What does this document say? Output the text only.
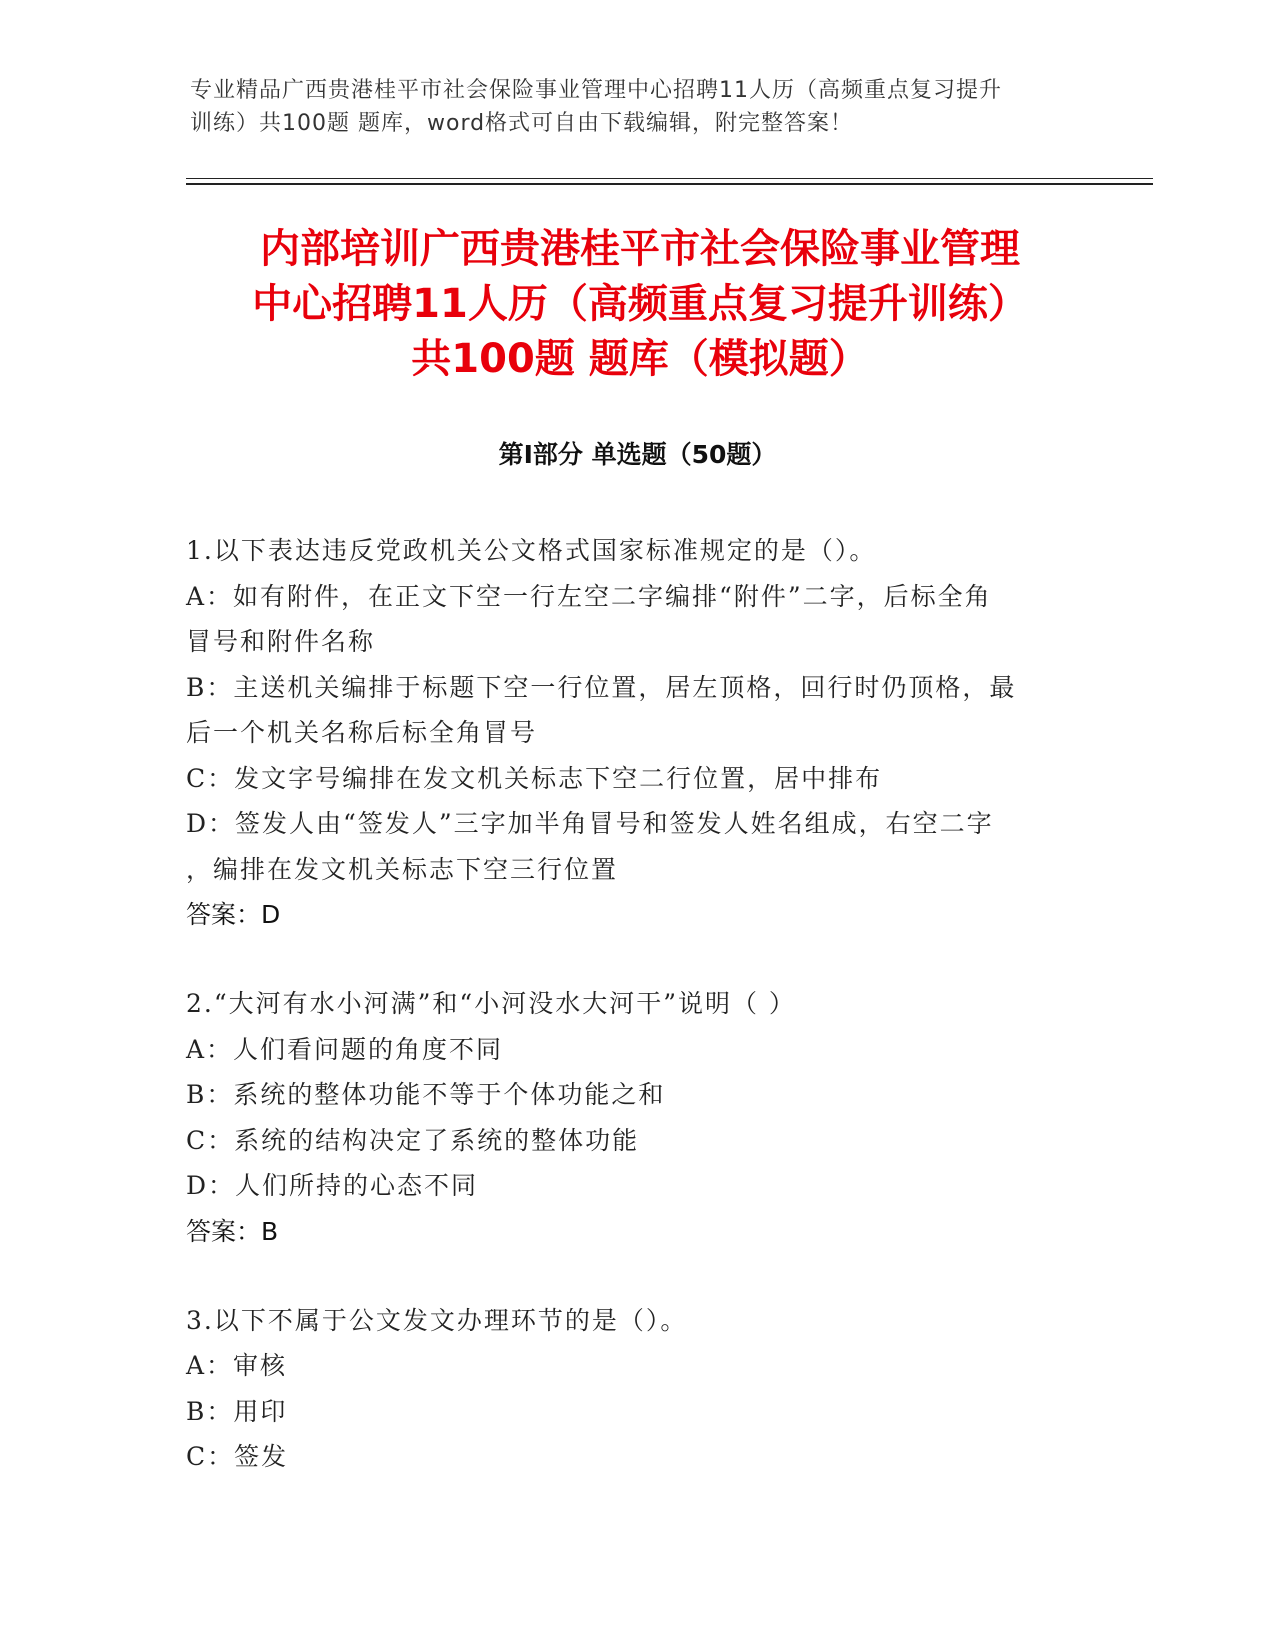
专业精品广西贵港桂平市社会保险事业管理中心招聘11人历（高频重点复习提升
训练）共100题 题库，word格式可自由下载编辑，附完整答案！
内部培训广西贵港桂平市社会保险事业管理
中心招聘11人历（高频重点复习提升训练）
共100题 题库（模拟题）
第Ⅰ部分 单选题（50题）
1.以下表达违反党政机关公文格式国家标准规定的是（）。
A：如有附件，在正文下空一行左空二字编排“附件”二字，后标全角
冒号和附件名称
B：主送机关编排于标题下空一行位置，居左顶格，回行时仍顶格，最
后一个机关名称后标全角冒号
C：发文字号编排在发文机关标志下空二行位置，居中排布
D：签发人由“签发人”三字加半角冒号和签发人姓名组成，右空二字
，编排在发文机关标志下空三行位置
答案：D
2.“大河有水小河满”和“小河没水大河干”说明（ ）
A：人们看问题的角度不同
B：系统的整体功能不等于个体功能之和
C：系统的结构决定了系统的整体功能
D：人们所持的心态不同
答案：B
3.以下不属于公文发文办理环节的是（）。
A：审核
B：用印
C：签发
